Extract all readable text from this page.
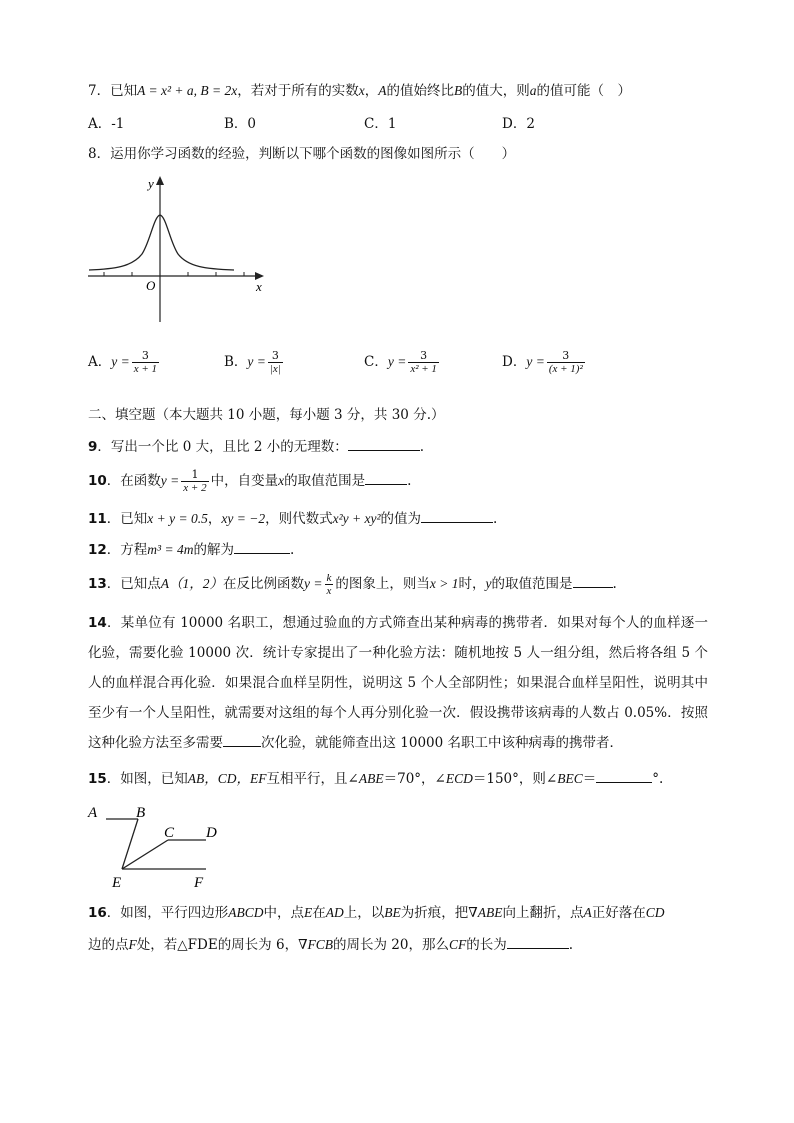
7．已知A = x² + a, B = 2x，若对于所有的实数x，A的值始终比B的值大，则a的值可能（　）
A．-1	B．0	C．1	D．2
8．运用你学习函数的经验，判断以下哪个函数的图像如图所示（　　）
y
x
O
A．$y = \frac{3}{x + 1}$	B．$y = \frac{3}{|x|}$	C．$y = \frac{3}{\text{x² + 1}}$	D．$y = \frac{3}{\text{(x + 1)²}}$
二、填空题（本大题共 10 小题，每小题 3 分，共 30 分.）
9．写出一个比 0 大，且比 2 小的无理数：	.
10．在函数$y = \frac{1}{x + 2}$ 中，自变量x的取值范围是	.
11．已知x + y = 0.5，xy = −2，则代数式x²y + xy²的值为	.
12．方程m³ = 4m的解为	.
13．已知点A（1，2）在反比例函数$y = \frac{k}{x}$ 的图象上，则当x > 1时，y的取值范围是	.
14．某单位有 10000 名职工，想通过验血的方式筛查出某种病毒的携带者．如果对每个人的血样逐一化验，需要化验 10000 次．统计专家提出了一种化验方法：随机地按 5 人一组分组，然后将各组 5 个人的血样混合再化验．如果混合血样呈阴性，说明这 5 个人全部阴性；如果混合血样呈阳性，说明其中至少有一个人呈阳性，就需要对这组的每个人再分别化验一次．假设携带该病毒的人数占 0.05%．按照这种化验方法至多需要	次化验，就能筛查出这 10000 名职工中该种病毒的携带者．
15．如图，已知AB，CD，EF互相平行，且∠ABE＝70°，∠ECD＝150°，则∠BEC＝	°.
A	B
C D
E	F
16．如图，平行四边形ABCD中，点E在AD上，以BE为折痕，把∇ABE向上翻折，点A正好落在CD
边的点F处，若△FDE的周长为 6，∇FCB的周长为 20，那么CF的长为	.
